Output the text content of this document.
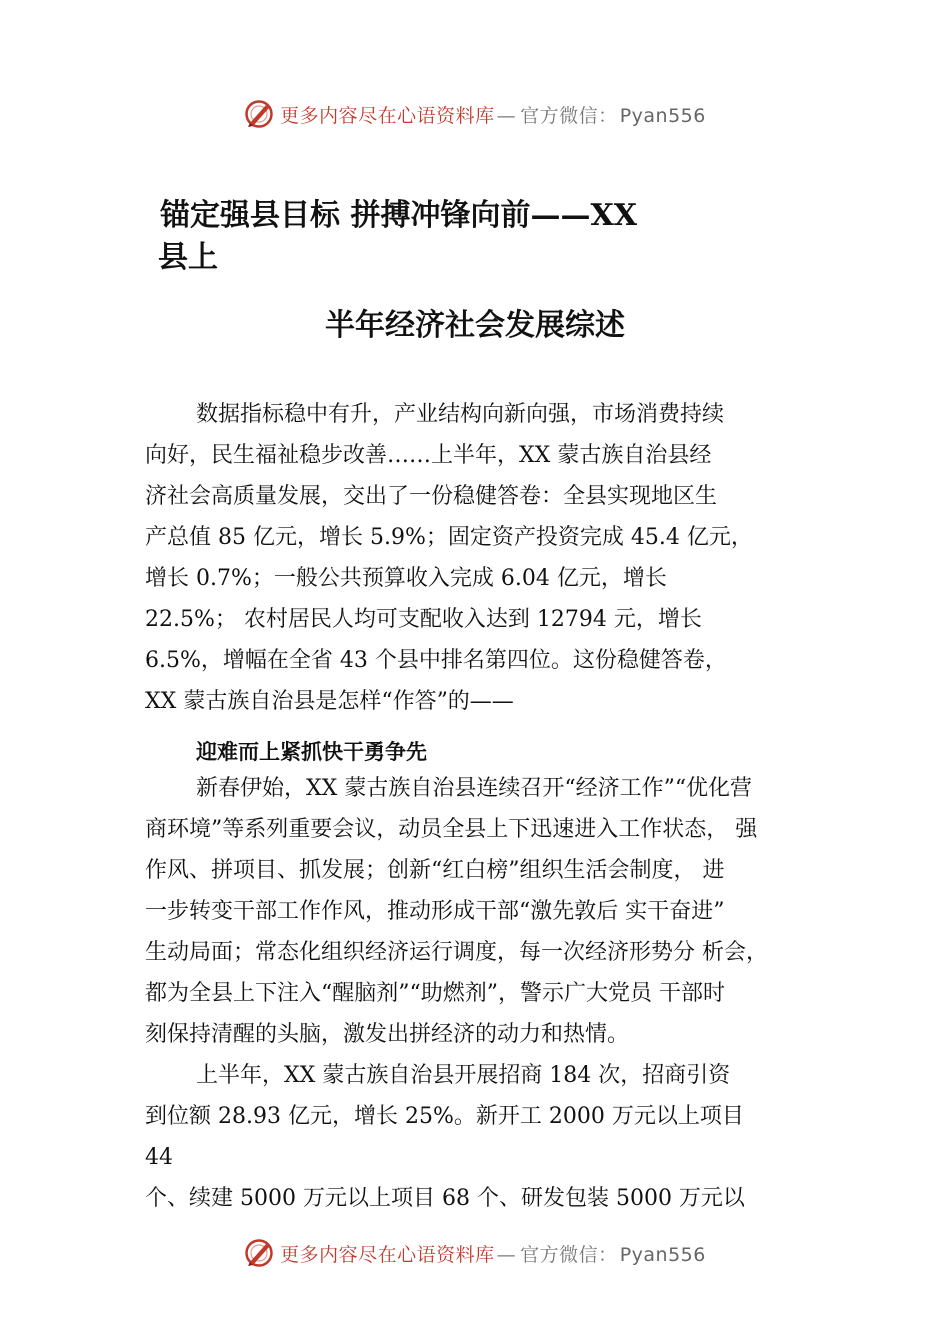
更多内容尽在心语资料库 — 官方微信： Pyan556
锚定强县目标 拼搏冲锋向前——XX
县上
半年经济社会发展综述
数据指标稳中有升，产业结构向新向强，市场消费持续
向好，民生福祉稳步改善……上半年，XX 蒙古族自治县经
济社会高质量发展，交出了一份稳健答卷：全县实现地区生
产总值 85 亿元，增长 5.9%；固定资产投资完成 45.4 亿元，
增长 0.7%；一般公共预算收入完成 6.04 亿元，增长
22.5%； 农村居民人均可支配收入达到 12794 元，增长
6.5%，增幅在全省 43 个县中排名第四位。这份稳健答卷，
XX 蒙古族自治县是怎样“作答”的——
迎难而上紧抓快干勇争先
新春伊始，XX 蒙古族自治县连续召开“经济工作”“优化营
商环境”等系列重要会议，动员全县上下迅速进入工作状态， 强
作风、拼项目、抓发展；创新“红白榜”组织生活会制度， 进
一步转变干部工作作风，推动形成干部“激先敦后 实干奋进”
生动局面；常态化组织经济运行调度，每一次经济形势分 析会，
都为全县上下注入“醒脑剂”“助燃剂”，警示广大党员 干部时
刻保持清醒的头脑，激发出拼经济的动力和热情。
上半年，XX 蒙古族自治县开展招商 184 次，招商引资
到位额 28.93 亿元，增长 25%。新开工 2000 万元以上项目
44
个、续建 5000 万元以上项目 68 个、研发包装 5000 万元以
更多内容尽在心语资料库 — 官方微信： Pyan556
